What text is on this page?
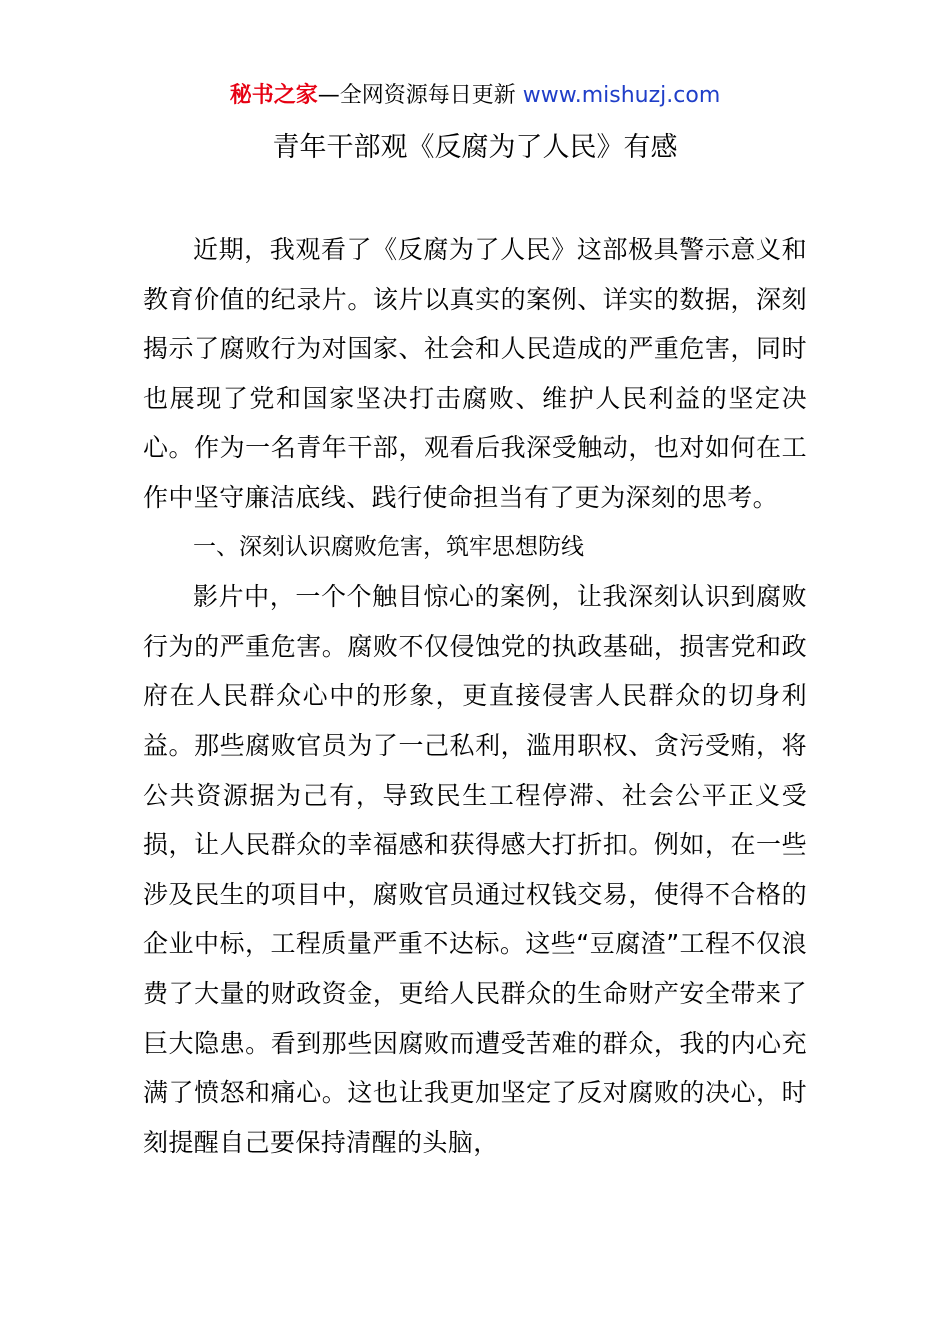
秘书之家—全网资源每日更新 www.mishuzj.com
青年干部观《反腐为了人民》有感

近期，我观看了《反腐为了人民》这部极具警示意义和教育价值的纪录片。该片以真实的案例、详实的数据，深刻揭示了腐败行为对国家、社会和人民造成的严重危害，同时也展现了党和国家坚决打击腐败、维护人民利益的坚定决心。作为一名青年干部，观看后我深受触动，也对如何在工作中坚守廉洁底线、践行使命担当有了更为深刻的思考。

一、深刻认识腐败危害，筑牢思想防线

影片中，一个个触目惊心的案例，让我深刻认识到腐败行为的严重危害。腐败不仅侵蚀党的执政基础，损害党和政府在人民群众心中的形象，更直接侵害人民群众的切身利益。那些腐败官员为了一己私利，滥用职权、贪污受贿，将公共资源据为己有，导致民生工程停滞、社会公平正义受损，让人民群众的幸福感和获得感大打折扣。例如，在一些涉及民生的项目中，腐败官员通过权钱交易，使得不合格的企业中标，工程质量严重不达标。这些“豆腐渣”工程不仅浪费了大量的财政资金，更给人民群众的生命财产安全带来了巨大隐患。看到那些因腐败而遭受苦难的群众，我的内心充满了愤怒和痛心。这也让我更加坚定了反对腐败的决心，时刻提醒自己要保持清醒的头脑，
